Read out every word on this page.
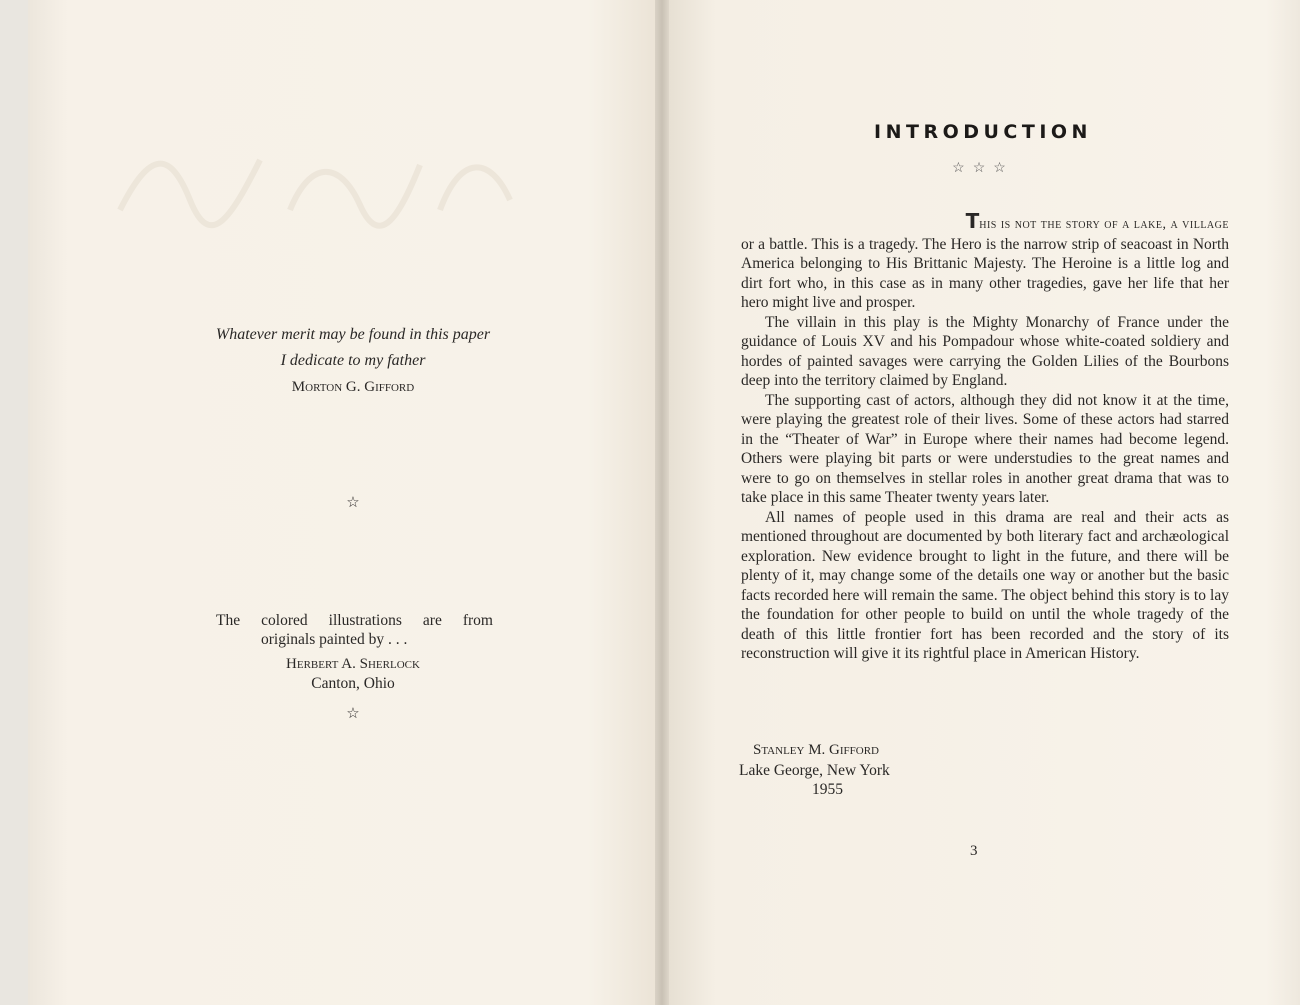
Whatever merit may be found in this paper
I dedicate to my father
Morton G. Gifford
☆
The colored illustrations are from
originals painted by . . .
Herbert A. Sherlock
Canton, Ohio
☆
INTRODUCTION
☆☆☆
This is not the story of a lake, a village

or a battle. This is a tragedy. The Hero is the narrow strip of seacoast in North America belonging to His Brittanic Majesty. The Heroine is a little log and dirt fort who, in this case as in many other tragedies, gave her life that her hero might live and prosper.

The villain in this play is the Mighty Monarchy of France under the guidance of Louis XV and his Pompadour whose white-coated soldiery and hordes of painted savages were carrying the Golden Lilies of the Bourbons deep into the territory claimed by England.

The supporting cast of actors, although they did not know it at the time, were playing the greatest role of their lives. Some of these actors had starred in the “Theater of War” in Europe where their names had become legend. Others were playing bit parts or were understudies to the great names and were to go on themselves in stellar roles in another great drama that was to take place in this same Theater twenty years later.

All names of people used in this drama are real and their acts as mentioned throughout are documented by both literary fact and archæological exploration. New evidence brought to light in the future, and there will be plenty of it, may change some of the details one way or another but the basic facts recorded here will remain the same. The object behind this story is to lay the foundation for other people to build on until the whole tragedy of the death of this little frontier fort has been recorded and the story of its reconstruction will give it its rightful place in American History.

Stanley M. Gifford
Lake George, New York
1955
3
